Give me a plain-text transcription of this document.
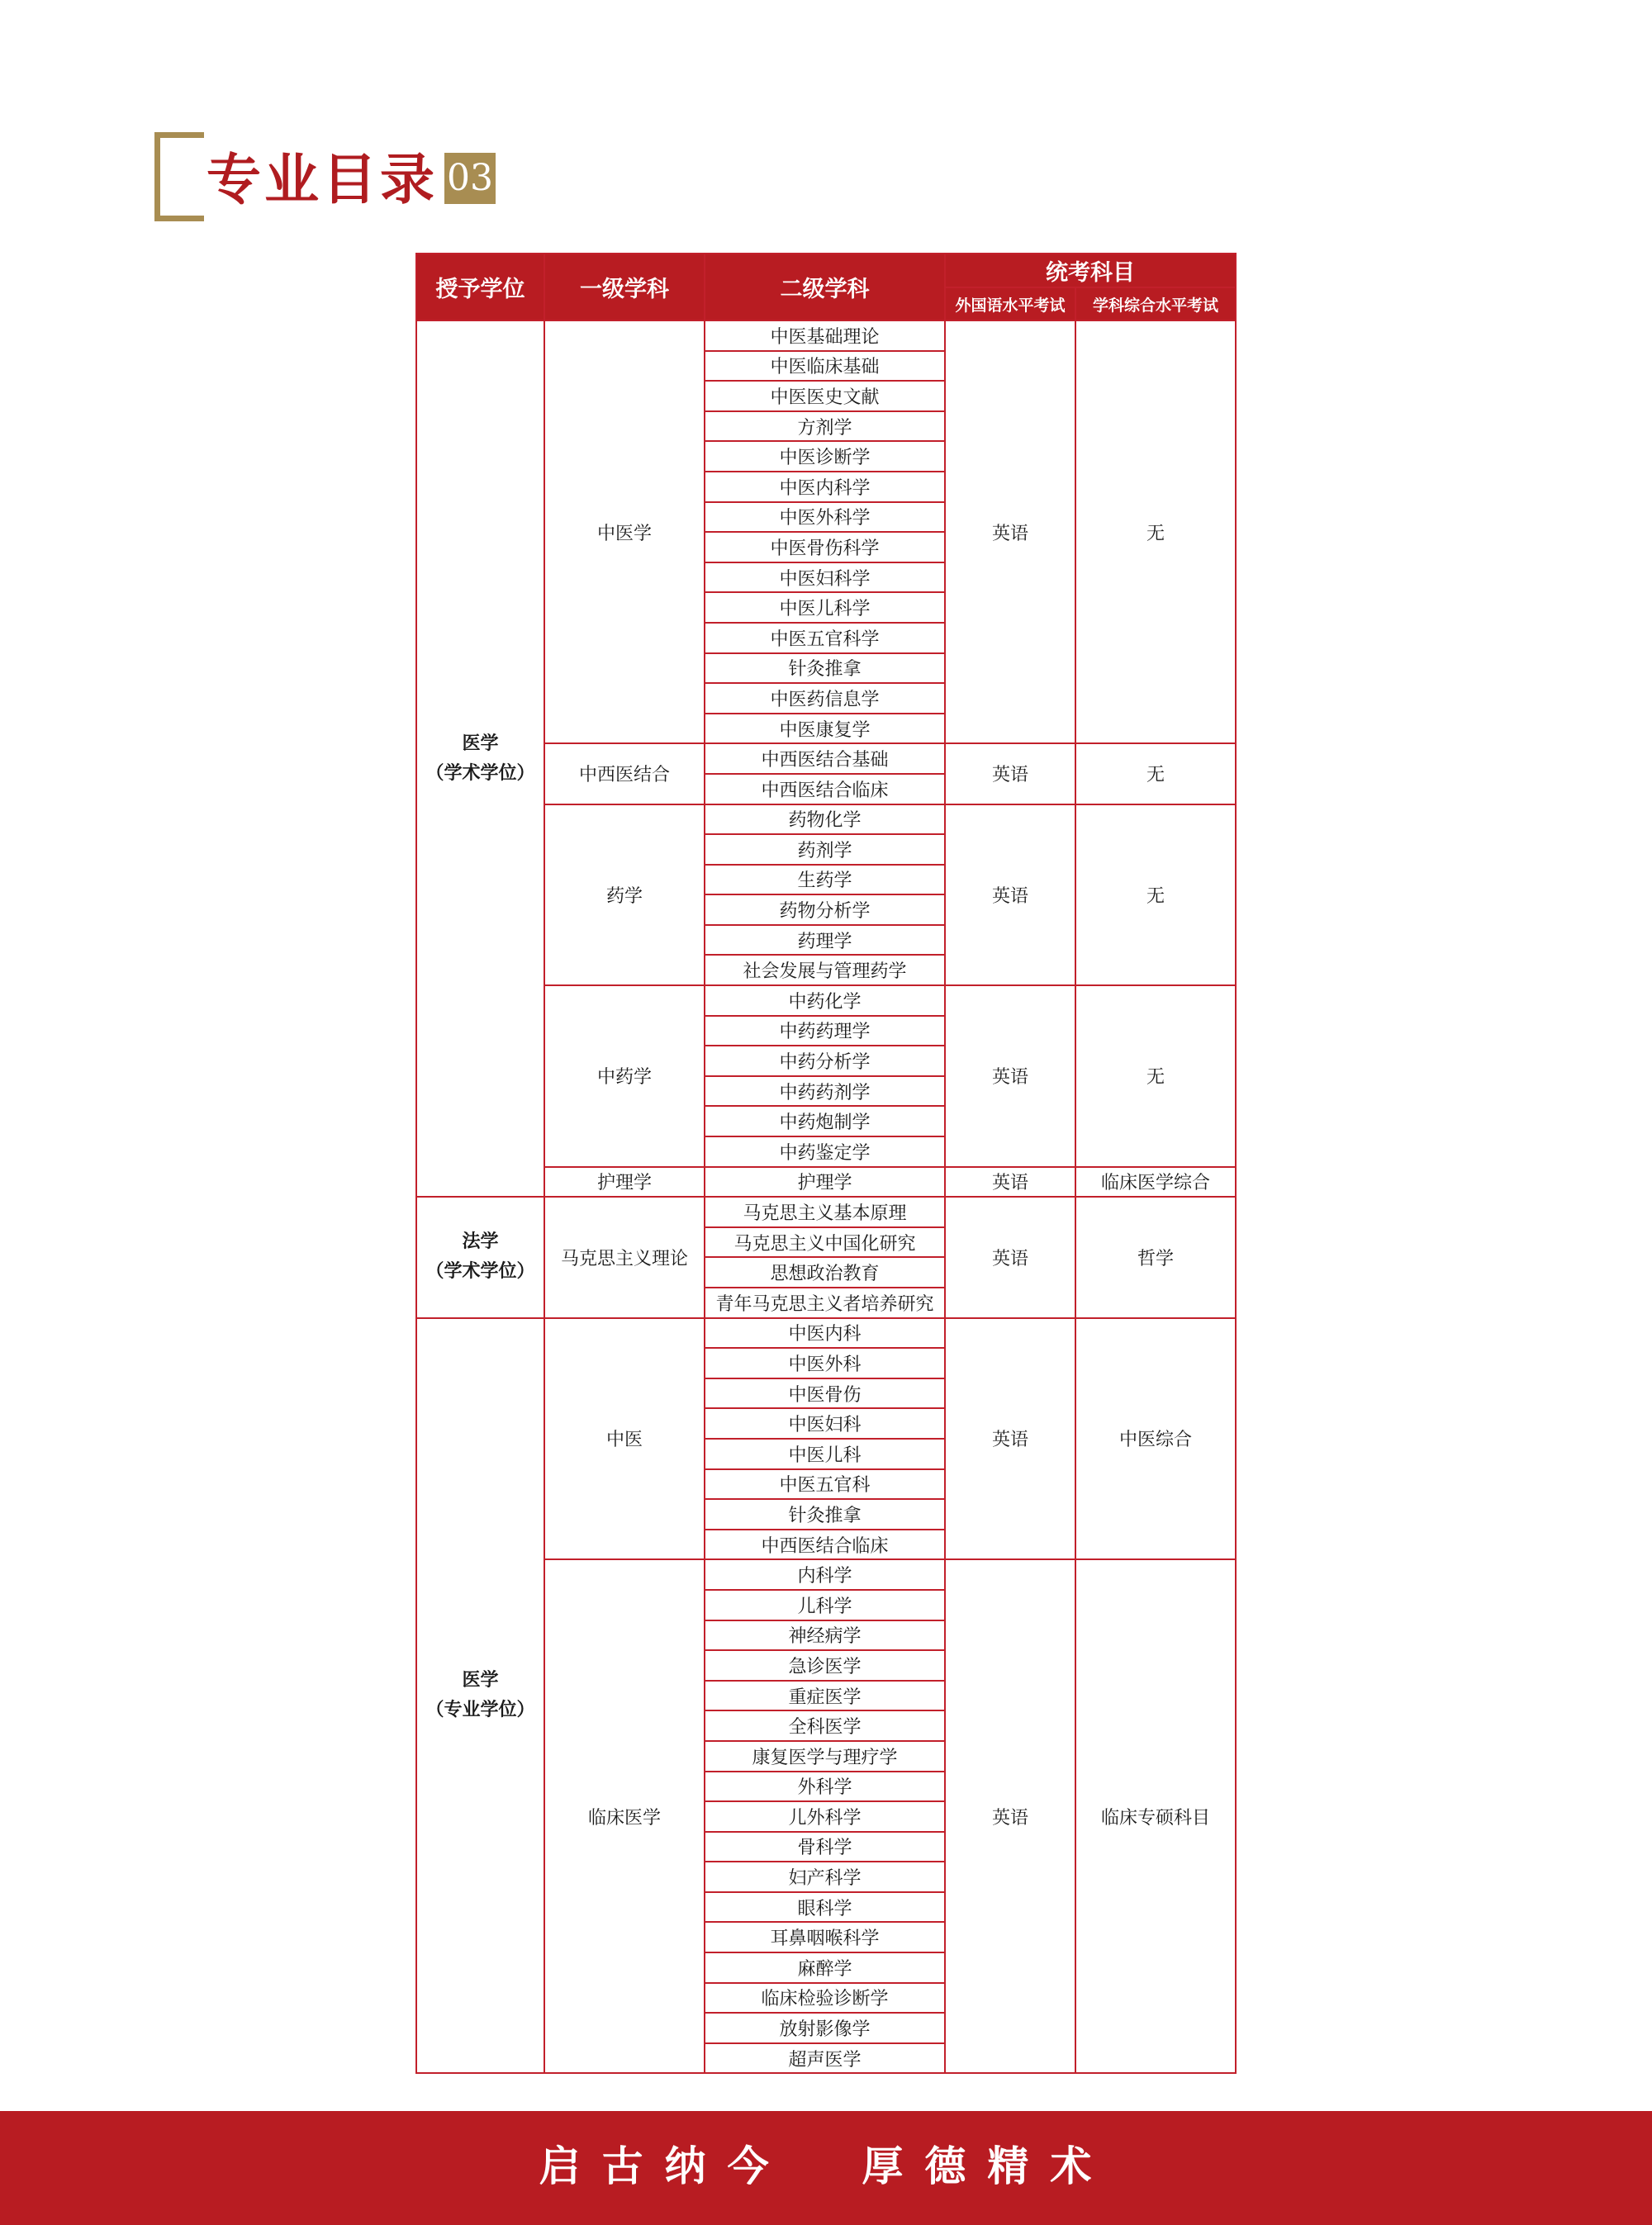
专业目录 03
授予学位	一级学科	二级学科	统考科目	
			外国语水平考试	学科综合水平考试

医学
（学术学位）	中医学	中医基础理论	英语	无
		中医临床基础		
		中医医史文献		
		方剂学		
		中医诊断学		
		中医内科学		
		中医外科学		
		中医骨伤科学		
		中医妇科学		
		中医儿科学		
		中医五官科学		
		针灸推拿		
		中医药信息学		
		中医康复学		
	中西医结合	中西医结合基础	英语	无
		中西医结合临床		
	药学	药物化学	英语	无
		药剂学		
		生药学		
		药物分析学		
		药理学		
		社会发展与管理药学		
	中药学	中药化学	英语	无
		中药药理学		
		中药分析学		
		中药药剂学		
		中药炮制学		
		中药鉴定学		
	护理学	护理学	英语	临床医学综合

法学
（学术学位）	马克思主义理论	马克思主义基本原理	英语	哲学
		马克思主义中国化研究		
		思想政治教育		
		青年马克思主义者培养研究		

医学
（专业学位）	中医	中医内科	英语	中医综合
		中医外科		
		中医骨伤		
		中医妇科		
		中医儿科		
		中医五官科		
		针灸推拿		
		中西医结合临床		
	临床医学	内科学	英语	临床专硕科目
		儿科学		
		神经病学		
		急诊医学		
		重症医学		
		全科医学		
		康复医学与理疗学		
		外科学		
		儿外科学		
		骨科学		
		妇产科学		
		眼科学		
		耳鼻咽喉科学		
		麻醉学		
		临床检验诊断学		
		放射影像学		
		超声医学		
启古纳今  厚德精术
